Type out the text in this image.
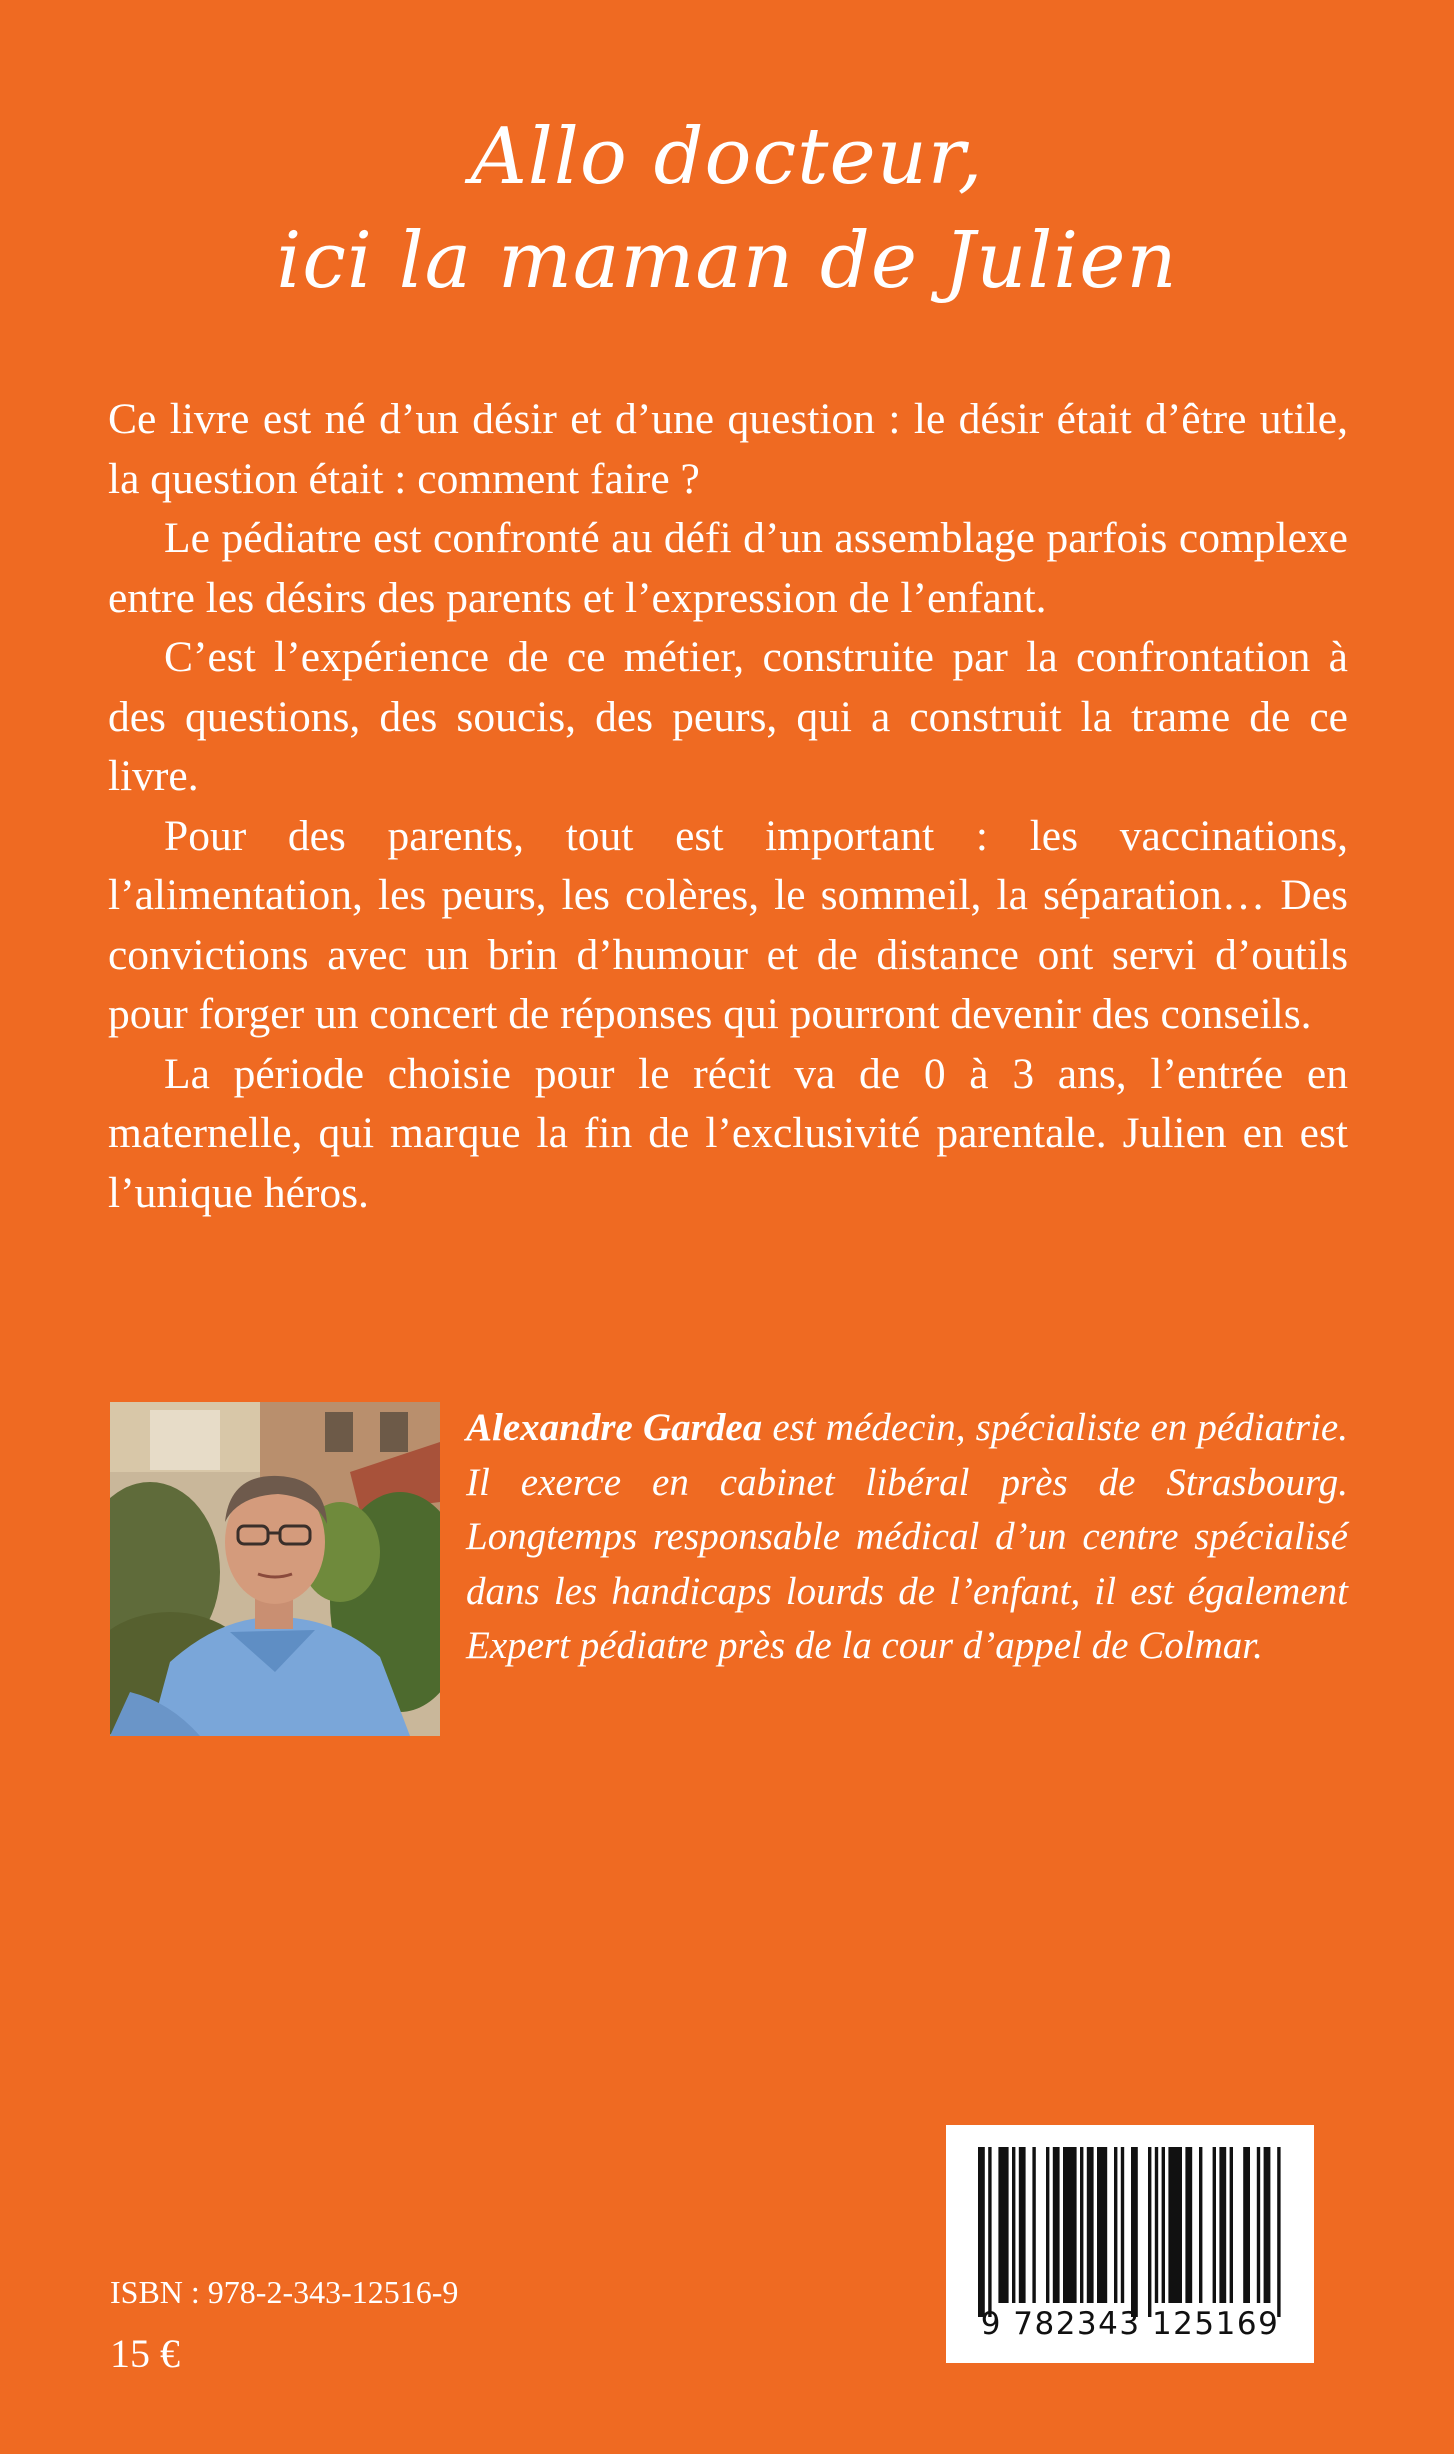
Allo docteur,
ici la maman de Julien

Ce livre est né d’un désir et d’une question : le désir était d’être utile, la question était : comment faire ?

Le pédiatre est confronté au défi d’un assemblage parfois complexe entre les désirs des parents et l’expression de l’enfant.

C’est l’expérience de ce métier, construite par la confrontation à des questions, des soucis, des peurs, qui a construit la trame de ce livre.

Pour des parents, tout est important : les vaccinations, l’alimentation, les peurs, les colères, le sommeil, la séparation… Des convictions avec un brin d’humour et de distance ont servi d’outils pour forger un concert de réponses qui pourront devenir des conseils.

La période choisie pour le récit va de 0 à 3 ans, l’entrée en maternelle, qui marque la fin de l’exclusivité parentale. Julien en est l’unique héros.

Alexandre Gardea est médecin, spécialiste en pédiatrie. Il exerce en cabinet libéral près de Strasbourg. Longtemps responsable médical d’un centre spécialisé dans les handicaps lourds de l’enfant, il est également Expert pédiatre près de la cour d’appel de Colmar.

ISBN : 978-2-343-12516-9
15 €
9 782343 125169
